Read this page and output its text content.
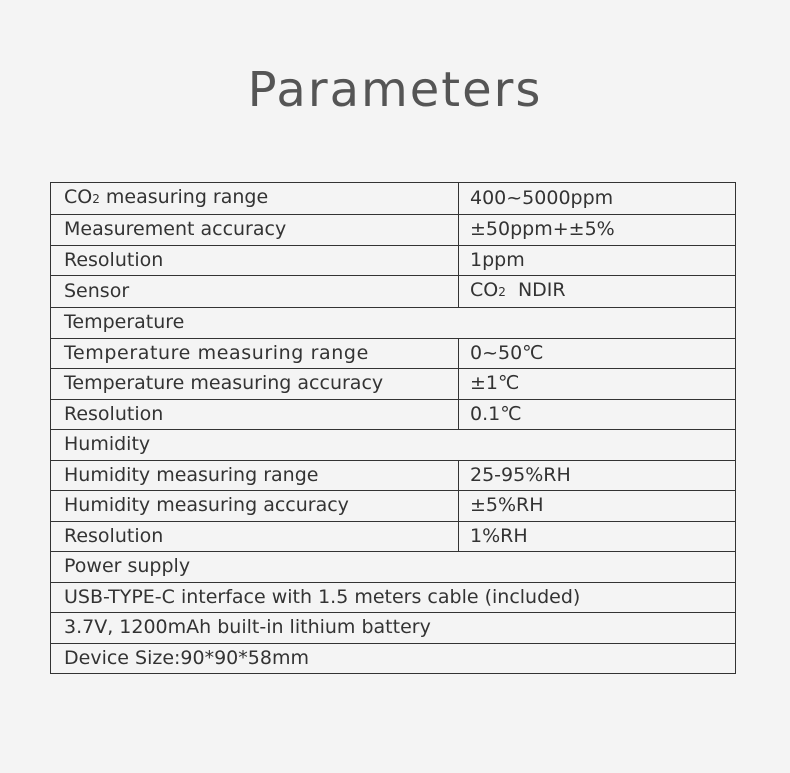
Parameters
CO2 measuring range	400~5000ppm
Measurement accuracy	±50ppm+±5%
Resolution	1ppm
Sensor	CO2  NDIR
Temperature	
Temperature measuring range	0~50℃
Temperature measuring accuracy	±1℃
Resolution	0.1℃
Humidity	
Humidity measuring range	25-95%RH
Humidity measuring accuracy	±5%RH
Resolution	1%RH
Power supply	
USB-TYPE-C interface with 1.5 meters cable (included)	
3.7V, 1200mAh built-in lithium battery	
Device Size:90*90*58mm	
